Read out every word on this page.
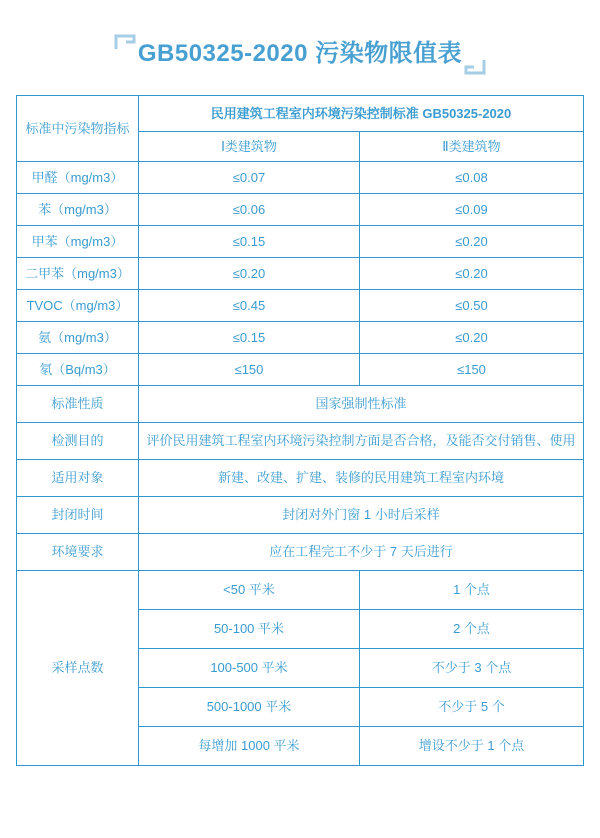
GB50325-2020 污染物限值表
标准中污染物指标	民用建筑工程室内环境污染控制标准 GB50325-2020	
	Ⅰ类建筑物	Ⅱ类建筑物
甲醛（mg/m3）	≤0.07	≤0.08
苯（mg/m3）	≤0.06	≤0.09
甲苯（mg/m3）	≤0.15	≤0.20
二甲苯（mg/m3）	≤0.20	≤0.20
TVOC（mg/m3）	≤0.45	≤0.50
氨（mg/m3）	≤0.15	≤0.20
氡（Bq/m3）	≤150	≤150
标准性质	国家强制性标准	
检测目的	评价民用建筑工程室内环境污染控制方面是否合格，及能否交付销售、使用	
适用对象	新建、改建、扩建、装修的民用建筑工程室内环境	
封闭时间	封闭对外门窗 1 小时后采样	
环境要求	应在工程完工不少于 7 天后进行	
采样点数	<50 平米	1 个点
	50-100 平米	2 个点
	100-500 平米	不少于 3 个点
	500-1000 平米	不少于 5 个
	每增加 1000 平米	增设不少于 1 个点
